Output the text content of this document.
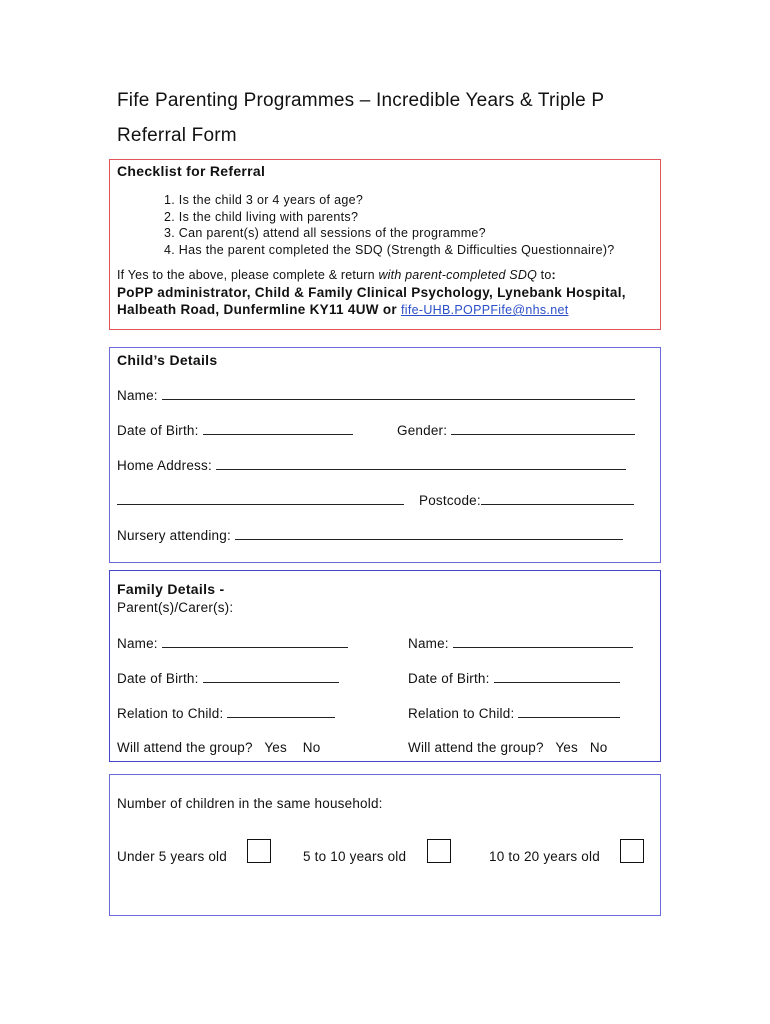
Fife Parenting Programmes – Incredible Years & Triple P
Referral Form
Checklist for Referral
1. Is the child 3 or 4 years of age?
2. Is the child living with parents?
3. Can parent(s) attend all sessions of the programme?
4. Has the parent completed the SDQ (Strength & Difficulties Questionnaire)?
If Yes to the above, please complete & return with parent-completed SDQ to:
PoPP administrator, Child & Family Clinical Psychology, Lynebank Hospital,
Halbeath Road, Dunfermline KY11 4UW or fife-UHB.POPPFife@nhs.net
Child’s Details
Name:
Date of Birth:	Gender:
Home Address:
Postcode:
Nursery attending:
Family Details -
Parent(s)/Carer(s):
Name:	Name:
Date of Birth:	Date of Birth:
Relation to Child:	Relation to Child:
Will attend the group? Yes No	Will attend the group? Yes No
Number of children in the same household:
Under 5 years old	5 to 10 years old	10 to 20 years old
